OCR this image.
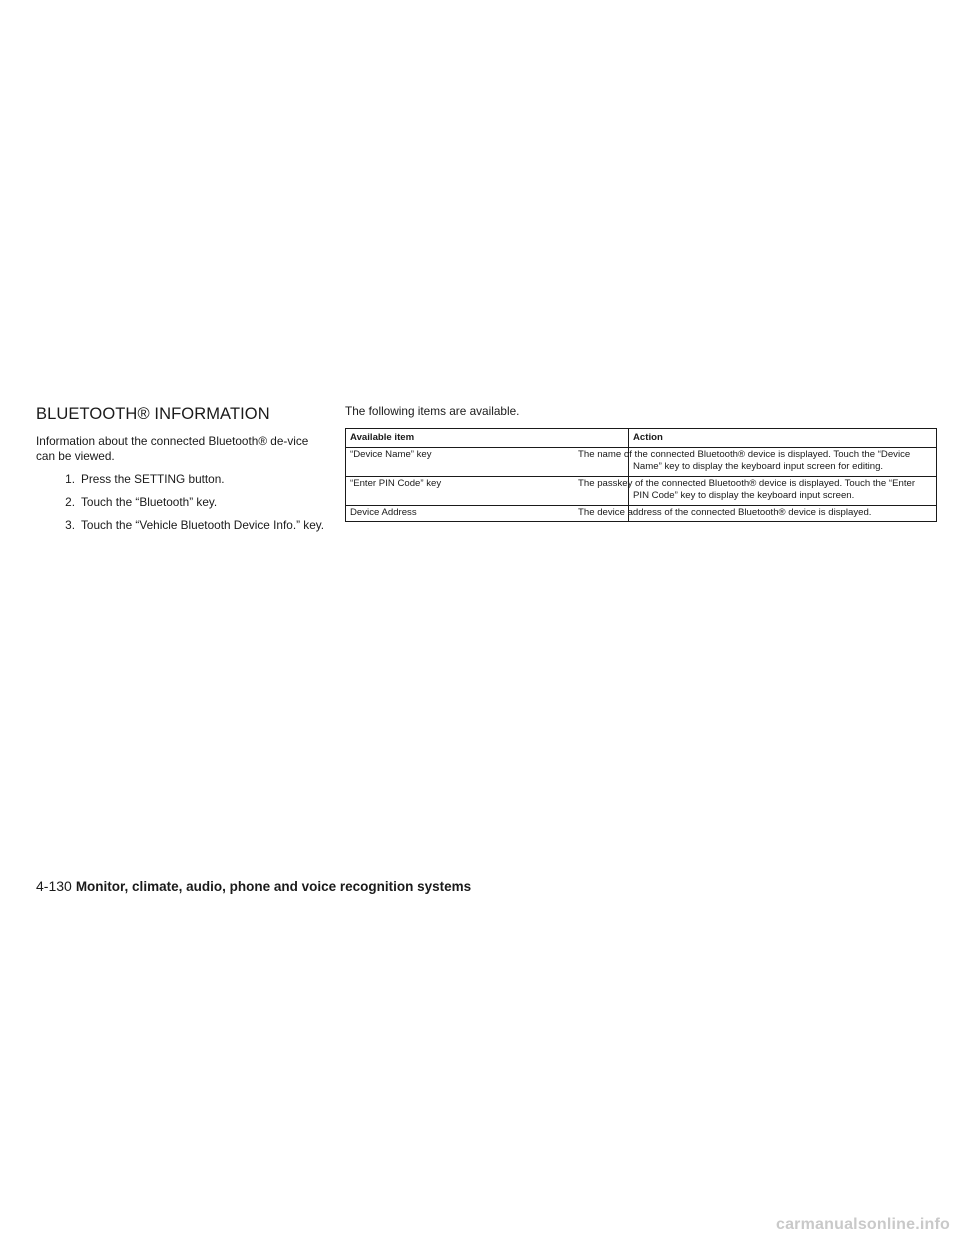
BLUETOOTH® INFORMATION

Information about the connected Bluetooth® de-vice can be viewed.

1. Press the SETTING button.
2. Touch the “Bluetooth” key.
3. Touch the “Vehicle Bluetooth Device Info.” key.

The following items are available.

Available item	Action
“Device Name” key	The name of the connected Bluetooth® device is displayed. Touch the “Device Name” key to display the keyboard input screen for editing.
“Enter PIN Code” key	The passkey of the connected Bluetooth® device is displayed. Touch the “Enter PIN Code” key to display the keyboard input screen.
Device Address	The device address of the connected Bluetooth® device is displayed.
4-130 Monitor, climate, audio, phone and voice recognition systems
carmanualsonline.info
